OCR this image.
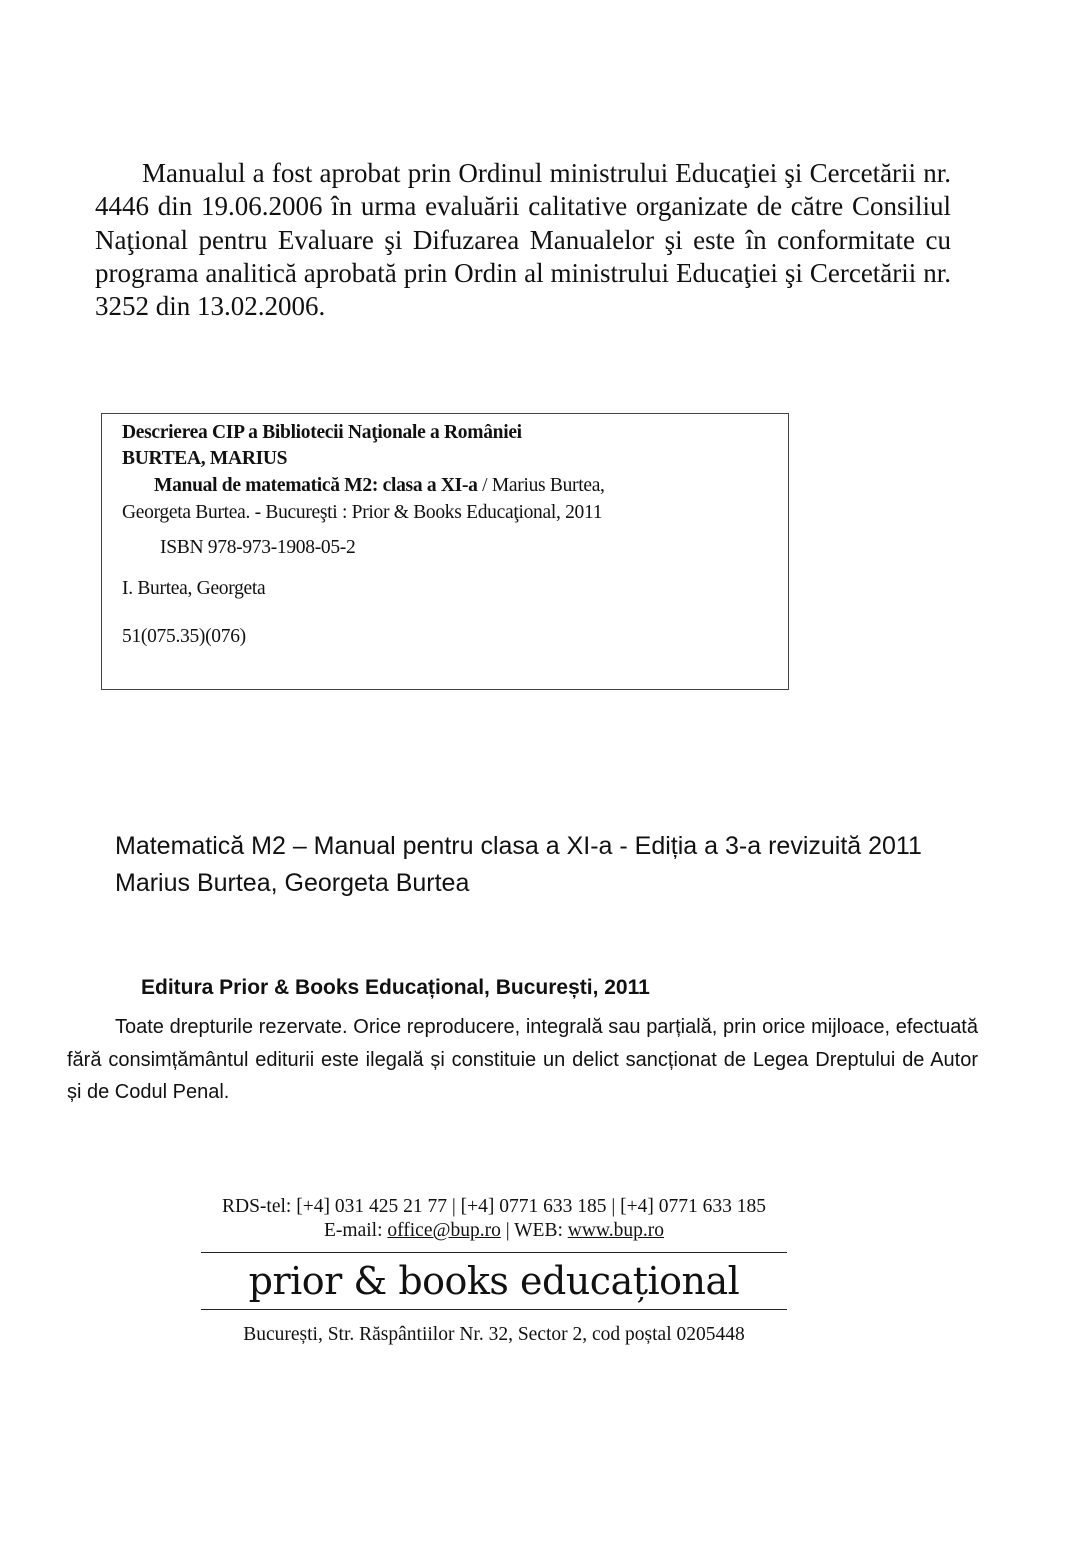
Manualul a fost aprobat prin Ordinul ministrului Educaţiei şi Cercetării nr. 4446 din 19.06.2006 în urma evaluării calitative organizate de către Consiliul Naţional pentru Evaluare şi Difuzarea Manualelor şi este în conformitate cu programa analitică aprobată prin Ordin al ministrului Educaţiei şi Cercetării nr. 3252 din 13.02.2006.

Descrierea CIP a Bibliotecii Naţionale a României
BURTEA, MARIUS
Manual de matematică M2: clasa a XI-a / Marius Burtea,
Georgeta Burtea. - Bucureşti : Prior & Books Educaţional, 2011
ISBN 978-973-1908-05-2
I. Burtea, Georgeta
51(075.35)(076)
Matematică M2 – Manual pentru clasa a XI-a - Ediția a 3-a revizuită 2011
Marius Burtea, Georgeta Burtea
Editura Prior & Books Educațional, București, 2011

Toate drepturile rezervate. Orice reproducere, integrală sau parțială, prin orice mijloace, efectuată fără consimțământul editurii este ilegală și constituie un delict sancționat de Legea Dreptului de Autor și de Codul Penal.

RDS-tel: [+4] 031 425 21 77 | [+4] 0771 633 185 | [+4] 0771 633 185
E-mail: office@bup.ro | WEB: www.bup.ro
prior & books educațional
București, Str. Răspântiilor Nr. 32, Sector 2, cod poștal 0205448
